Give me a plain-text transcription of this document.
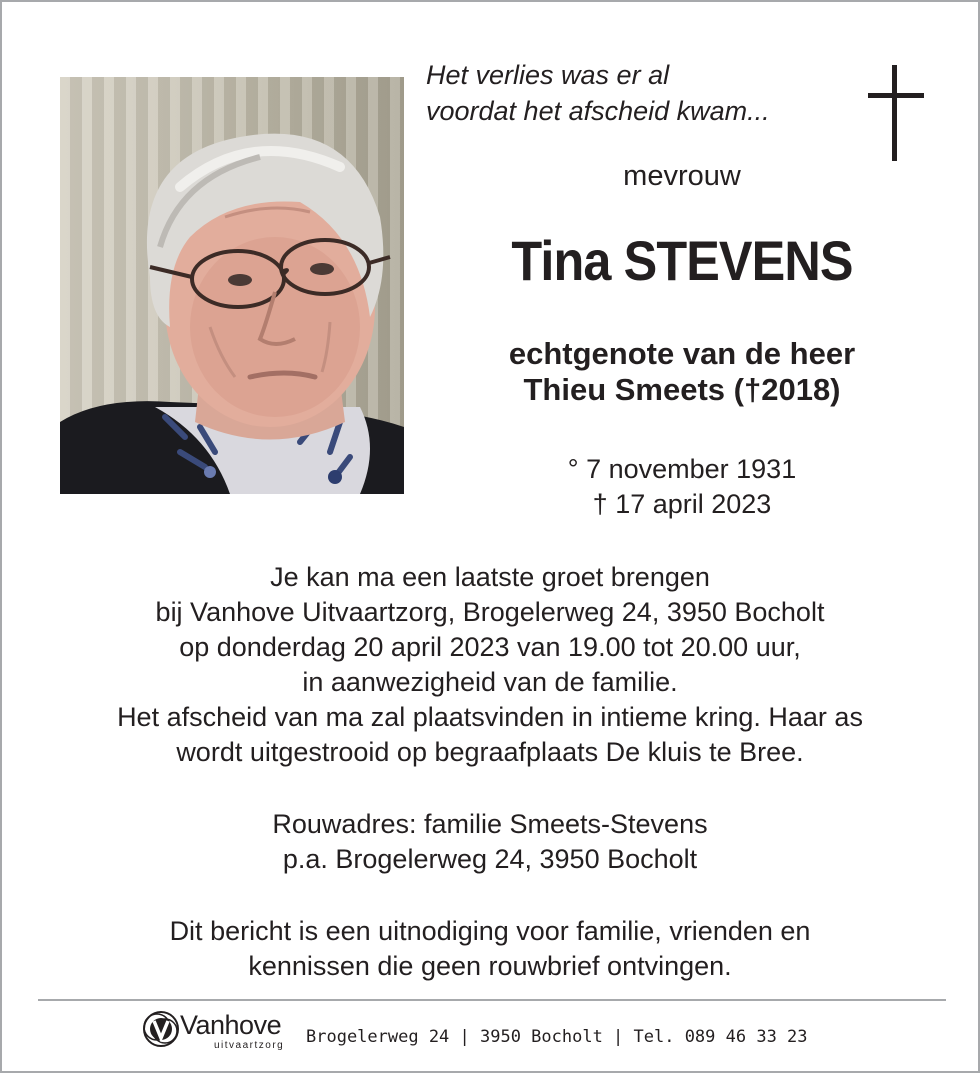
Het verlies was er al
voordat het afscheid kwam...
mevrouw
Tina STEVENS
echtgenote van de heer
Thieu Smeets (†2018)
° 7 november 1931
† 17 april 2023
Je kan ma een laatste groet brengen
bij Vanhove Uitvaartzorg, Brogelerweg 24, 3950 Bocholt
op donderdag 20 april 2023 van 19.00 tot 20.00 uur,
in aanwezigheid van de familie.
Het afscheid van ma zal plaatsvinden in intieme kring. Haar as
wordt uitgestrooid op begraafplaats De kluis te Bree.
Rouwadres: familie Smeets-Stevens
p.a. Brogelerweg 24, 3950 Bocholt
Dit bericht is een uitnodiging voor familie, vrienden en
kennissen die geen rouwbrief ontvingen.
Vanhove
uitvaartzorg Brogelerweg 24 | 3950 Bocholt | Tel. 089 46 33 23
